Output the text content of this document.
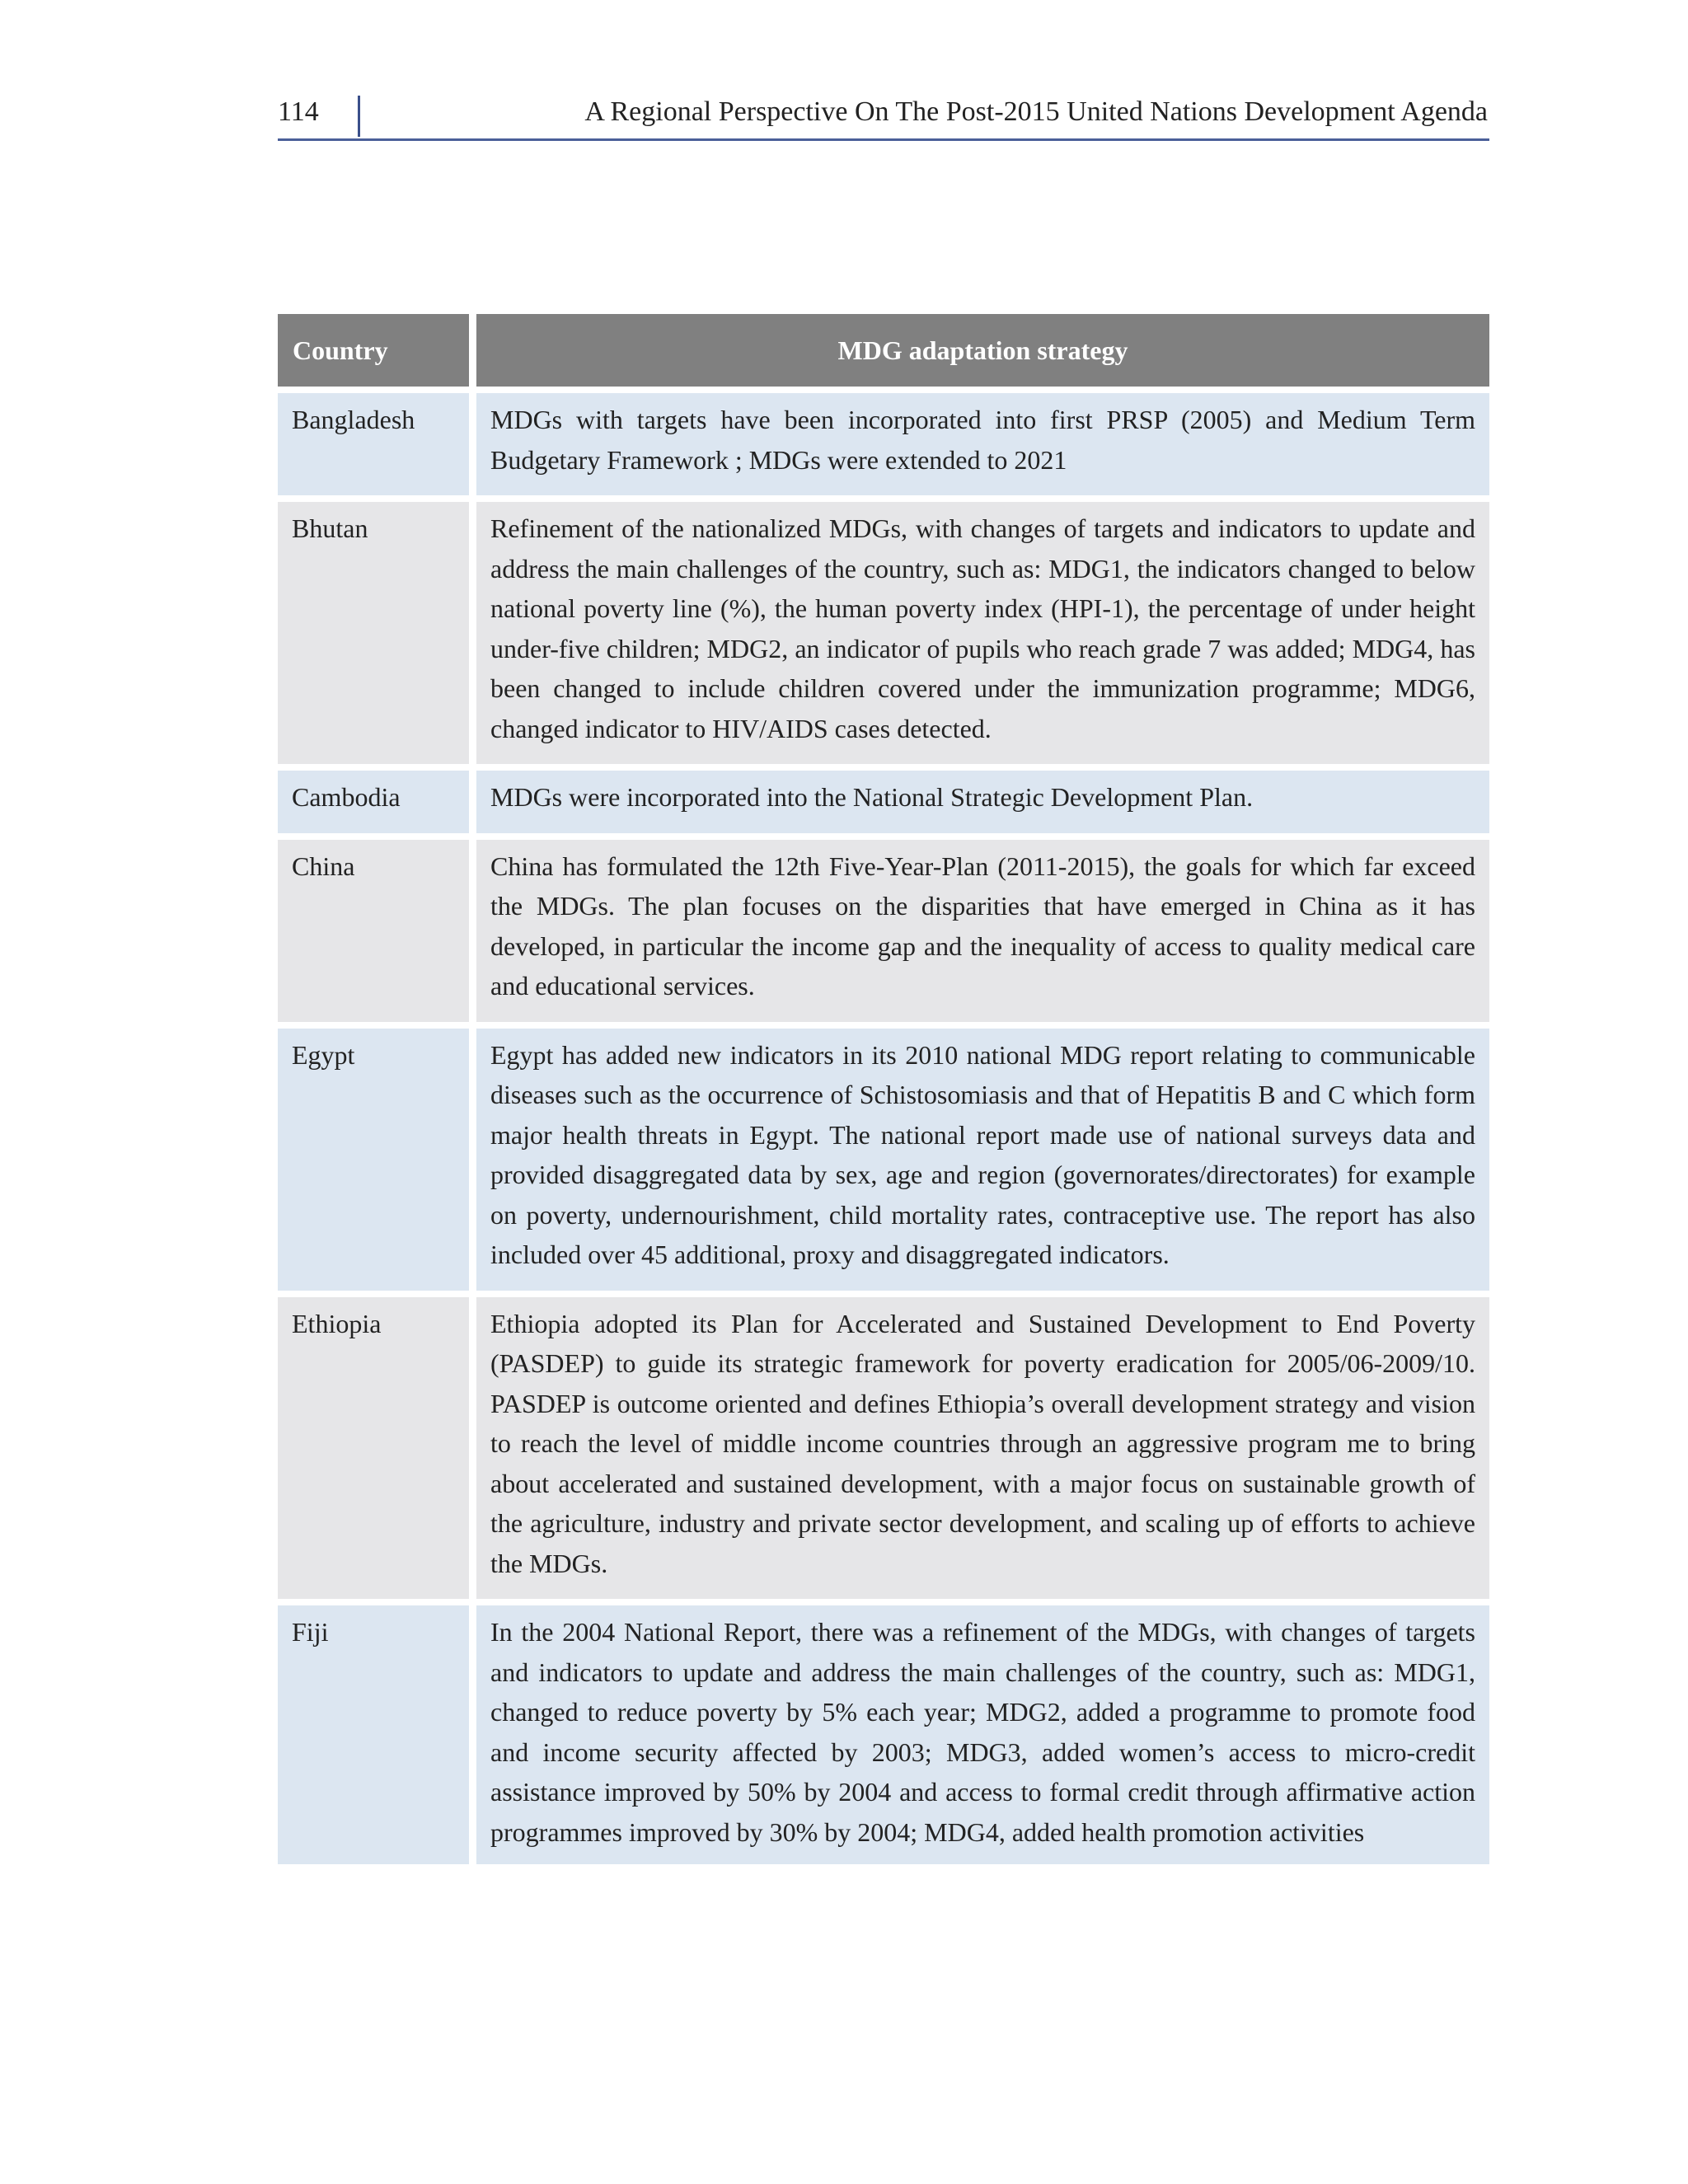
114	A Regional Perspective On The Post-2015 United Nations Development Agenda
Country	MDG adaptation strategy
Bangladesh	MDGs with targets have been incorporated into first PRSP (2005) and Medium Term Budgetary Framework ; MDGs were extended to 2021
Bhutan	Refinement of the nationalized MDGs, with changes of targets and indicators to update and address the main challenges of the country, such as: MDG1, the indicators changed to below national poverty line (%), the human poverty index (HPI-1), the percentage of under height under-five children; MDG2, an indicator of pupils who reach grade 7 was added; MDG4, has been changed to include children covered under the immunization programme; MDG6, changed indicator to HIV/AIDS cases detected.
Cambodia	MDGs were incorporated into the National Strategic Development Plan.
China	China has formulated the 12th Five-Year-Plan (2011-2015), the goals for which far exceed the MDGs. The plan focuses on the disparities that have emerged in China as it has developed, in particular the income gap and the inequality of access to quality medical care and educational services.
Egypt	Egypt has added new indicators in its 2010 national MDG report relating to communicable diseases such as the occurrence of Schistosomiasis and that of Hepatitis B and C which form major health threats in Egypt. The national report made use of national surveys data and provided disaggregated data by sex, age and region (governorates/directorates) for example on poverty, undernourishment, child mortality rates, contraceptive use. The report has also included over 45 additional, proxy and disaggregated indicators.
Ethiopia	Ethiopia adopted its Plan for Accelerated and Sustained Development to End Poverty (PASDEP) to guide its strategic framework for poverty eradication for 2005/06-2009/10. PASDEP is outcome oriented and defines Ethiopia’s overall development strategy and vision to reach the level of middle income countries through an aggressive program me to bring about accelerated and sustained development, with a major focus on sustainable growth of the agriculture, industry and private sector development, and scaling up of efforts to achieve the MDGs.
Fiji	In the 2004 National Report, there was a refinement of the MDGs, with changes of targets and indicators to update and address the main challenges of the country, such as: MDG1, changed to reduce poverty by 5% each year; MDG2, added a programme to promote food and income security affected by 2003; MDG3, added women’s access to micro-credit assistance improved by 50% by 2004 and access to formal credit through affirmative action programmes improved by 30% by 2004; MDG4, added health promotion activities
